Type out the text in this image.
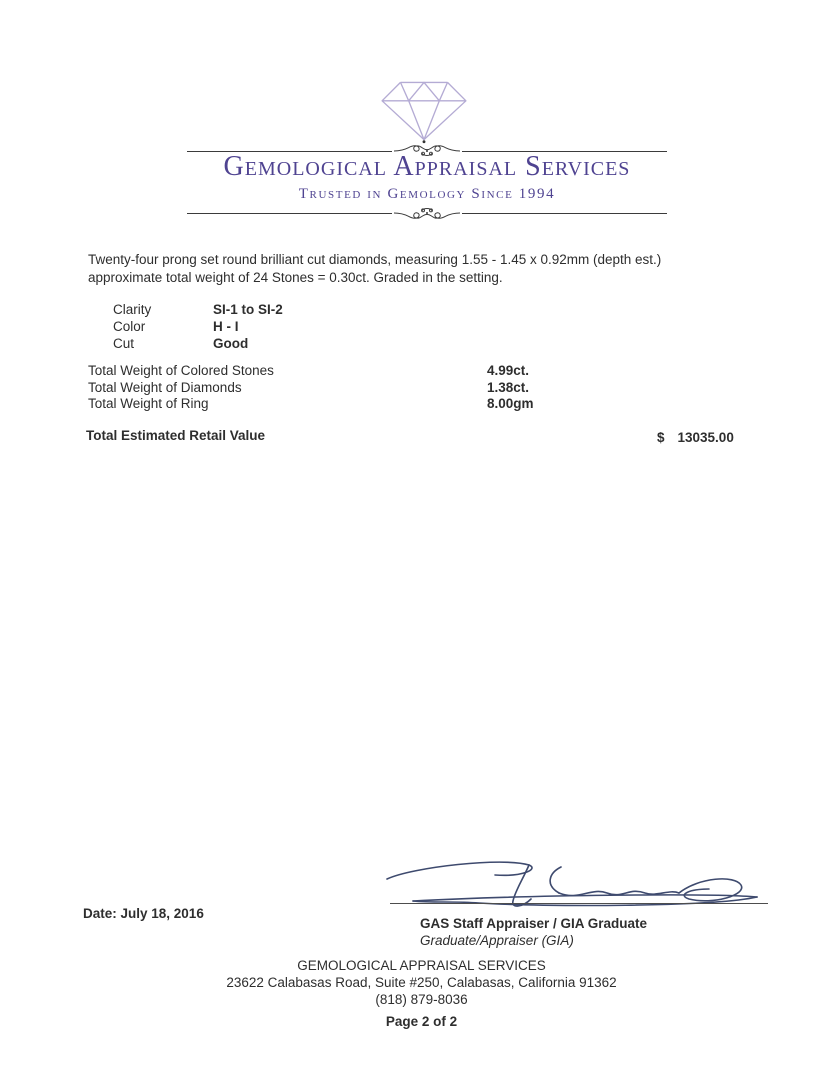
Gemological Appraisal Services
Trusted in Gemology Since 1994
Twenty-four prong set round brilliant cut diamonds, measuring 1.55 - 1.45 x 0.92mm (depth est.)
approximate total weight of 24 Stones = 0.30ct. Graded in the setting.
Clarity	SI-1 to SI-2
Color	H - I
Cut	Good
Total Weight of Colored Stones	4.99ct.
Total Weight of Diamonds	1.38ct.
Total Weight of Ring	8.00gm
Total Estimated Retail Value	$ 13035.00
Date: July 18, 2016
GAS Staff Appraiser / GIA Graduate
Graduate/Appraiser (GIA)
GEMOLOGICAL APPRAISAL SERVICES
23622 Calabasas Road, Suite #250, Calabasas, California 91362
(818) 879-8036
Page 2 of 2
